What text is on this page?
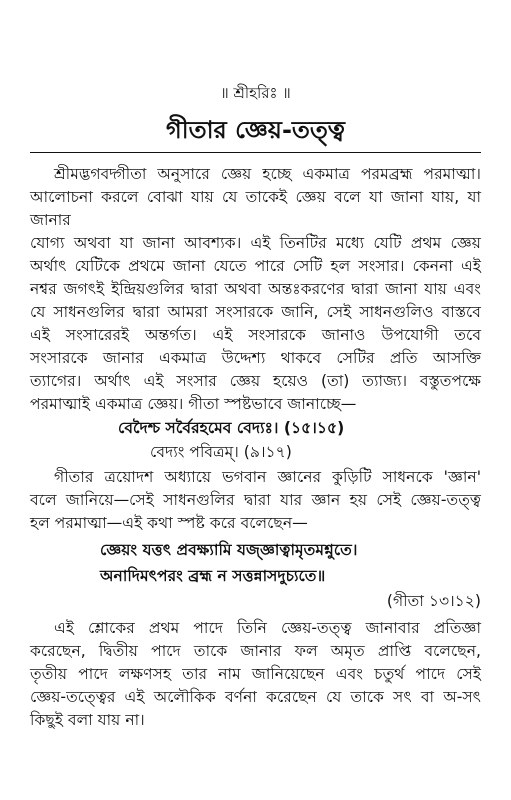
॥ শ্রীহরিঃ ॥
গীতার জ্ঞেয়-তত্ত্ব
শ্রীমদ্ভগবদ্গীতা অনুসারে জ্ঞেয় হচ্ছে একমাত্র পরমব্রহ্ম পরমাত্মা।
আলোচনা করলে বোঝা যায় যে তাকেই জ্ঞেয় বলে যা জানা যায়, যা জানার
যোগ্য অথবা যা জানা আবশ্যক। এই তিনটির মধ্যে যেটি প্রথম জ্ঞেয়
অর্থাৎ যেটিকে প্রথমে জানা যেতে পারে সেটি হল সংসার। কেননা এই
নশ্বর জগৎই ইন্দ্রিয়গুলির দ্বারা অথবা অন্তঃকরণের দ্বারা জানা যায় এবং
যে সাধনগুলির দ্বারা আমরা সংসারকে জানি, সেই সাধনগুলিও বাস্তবে
এই সংসারেরই অন্তর্গত। এই সংসারকে জানাও উপযোগী তবে
সংসারকে জানার একমাত্র উদ্দেশ্য থাকবে সেটির প্রতি আসক্তি
ত্যাগের। অর্থাৎ এই সংসার জ্ঞেয় হয়েও (তা) ত্যাজ্য। বস্তুতপক্ষে
পরমাত্মাই একমাত্র জ্ঞেয়। গীতা স্পষ্টভাবে জানাচ্ছে—
বেদৈশ্চ সর্বৈরহমেব বেদ্যঃ। (১৫।১৫)
বেদ্যং পবিত্রম্। (৯।১৭)
গীতার ত্রয়োদশ অধ্যায়ে ভগবান জ্ঞানের কুড়িটি সাধনকে 'জ্ঞান'
বলে জানিয়ে—সেই সাধনগুলির দ্বারা যার জ্ঞান হয় সেই জ্ঞেয়-তত্ত্ব
হল পরমাত্মা—এই কথা স্পষ্ট করে বলেছেন—
জ্ঞেয়ং যত্তৎ প্রবক্ষ্যামি যজ্জ্ঞাত্বামৃতমশ্নুতে।
অনাদিমৎপরং ব্রহ্ম ন সত্তন্নাসদুচ্যতে॥
(গীতা ১৩।১২)
এই শ্লোকের প্রথম পাদে তিনি জ্ঞেয়-তত্ত্ব জানাবার প্রতিজ্ঞা
করেছেন, দ্বিতীয় পাদে তাকে জানার ফল অমৃত প্রাপ্তি বলেছেন,
তৃতীয় পাদে লক্ষণসহ তার নাম জানিয়েছেন এবং চতুর্থ পাদে সেই
জ্ঞেয়-তত্ত্বের এই অলৌকিক বর্ণনা করেছেন যে তাকে সৎ বা অ-সৎ
কিছুই বলা যায় না।
